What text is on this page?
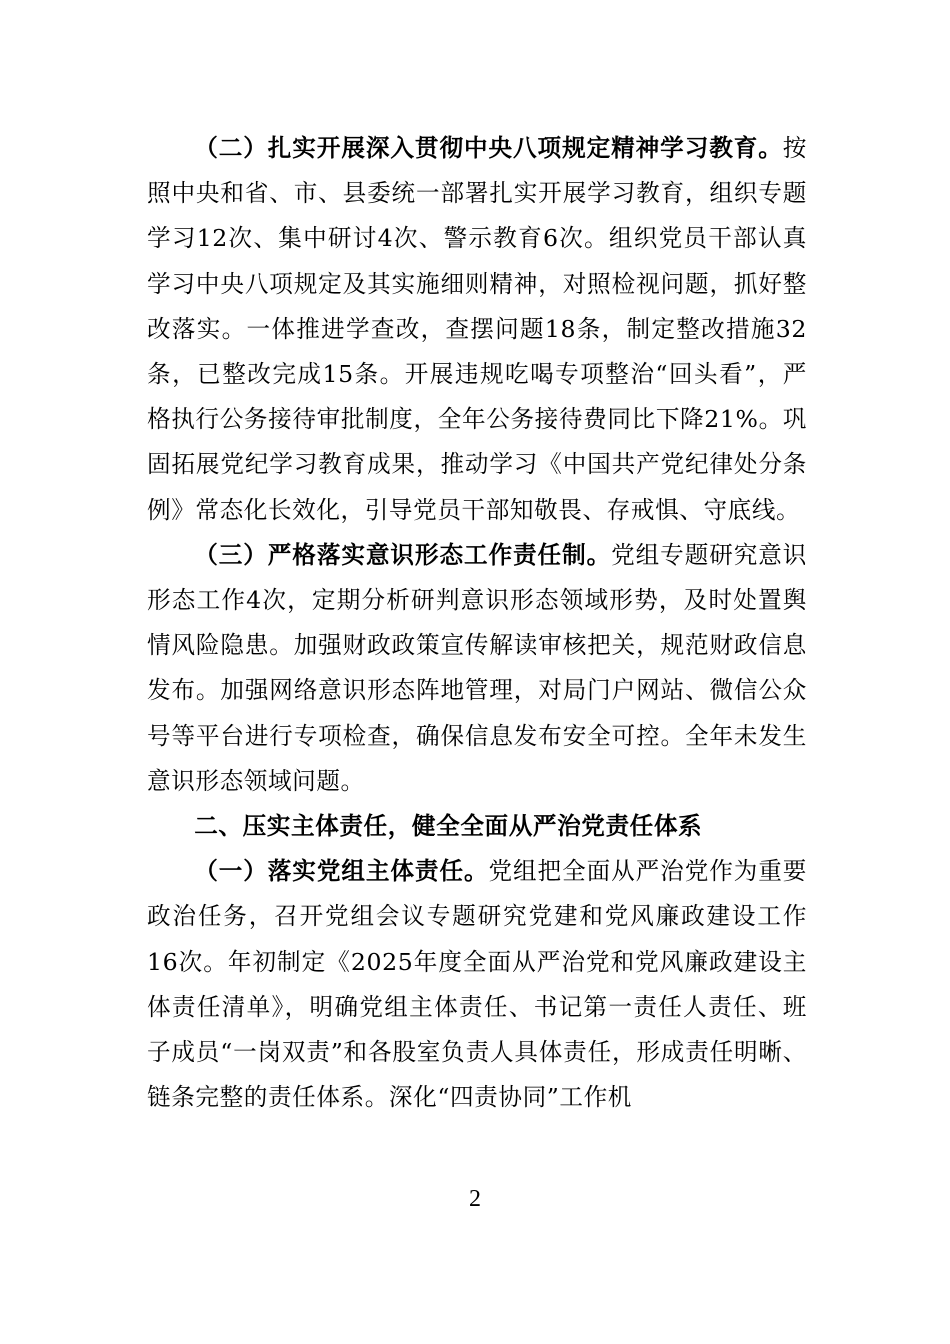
（二）扎实开展深入贯彻中央八项规定精神学习教育。按照中央和省、市、县委统一部署扎实开展学习教育，组织专题学习12次、集中研讨4次、警示教育6次。组织党员干部认真学习中央八项规定及其实施细则精神，对照检视问题，抓好整改落实。一体推进学查改，查摆问题18条，制定整改措施32条，已整改完成15条。开展违规吃喝专项整治“回头看”，严格执行公务接待审批制度，全年公务接待费同比下降21%。巩固拓展党纪学习教育成果，推动学习《中国共产党纪律处分条例》常态化长效化，引导党员干部知敬畏、存戒惧、守底线。

（三）严格落实意识形态工作责任制。党组专题研究意识形态工作4次，定期分析研判意识形态领域形势，及时处置舆情风险隐患。加强财政政策宣传解读审核把关，规范财政信息发布。加强网络意识形态阵地管理，对局门户网站、微信公众号等平台进行专项检查，确保信息发布安全可控。全年未发生意识形态领域问题。

二、压实主体责任，健全全面从严治党责任体系

（一）落实党组主体责任。党组把全面从严治党作为重要政治任务，召开党组会议专题研究党建和党风廉政建设工作16次。年初制定《2025年度全面从严治党和党风廉政建设主体责任清单》，明确党组主体责任、书记第一责任人责任、班子成员“一岗双责”和各股室负责人具体责任，形成责任明晰、链条完整的责任体系。深化“四责协同”工作机

2
